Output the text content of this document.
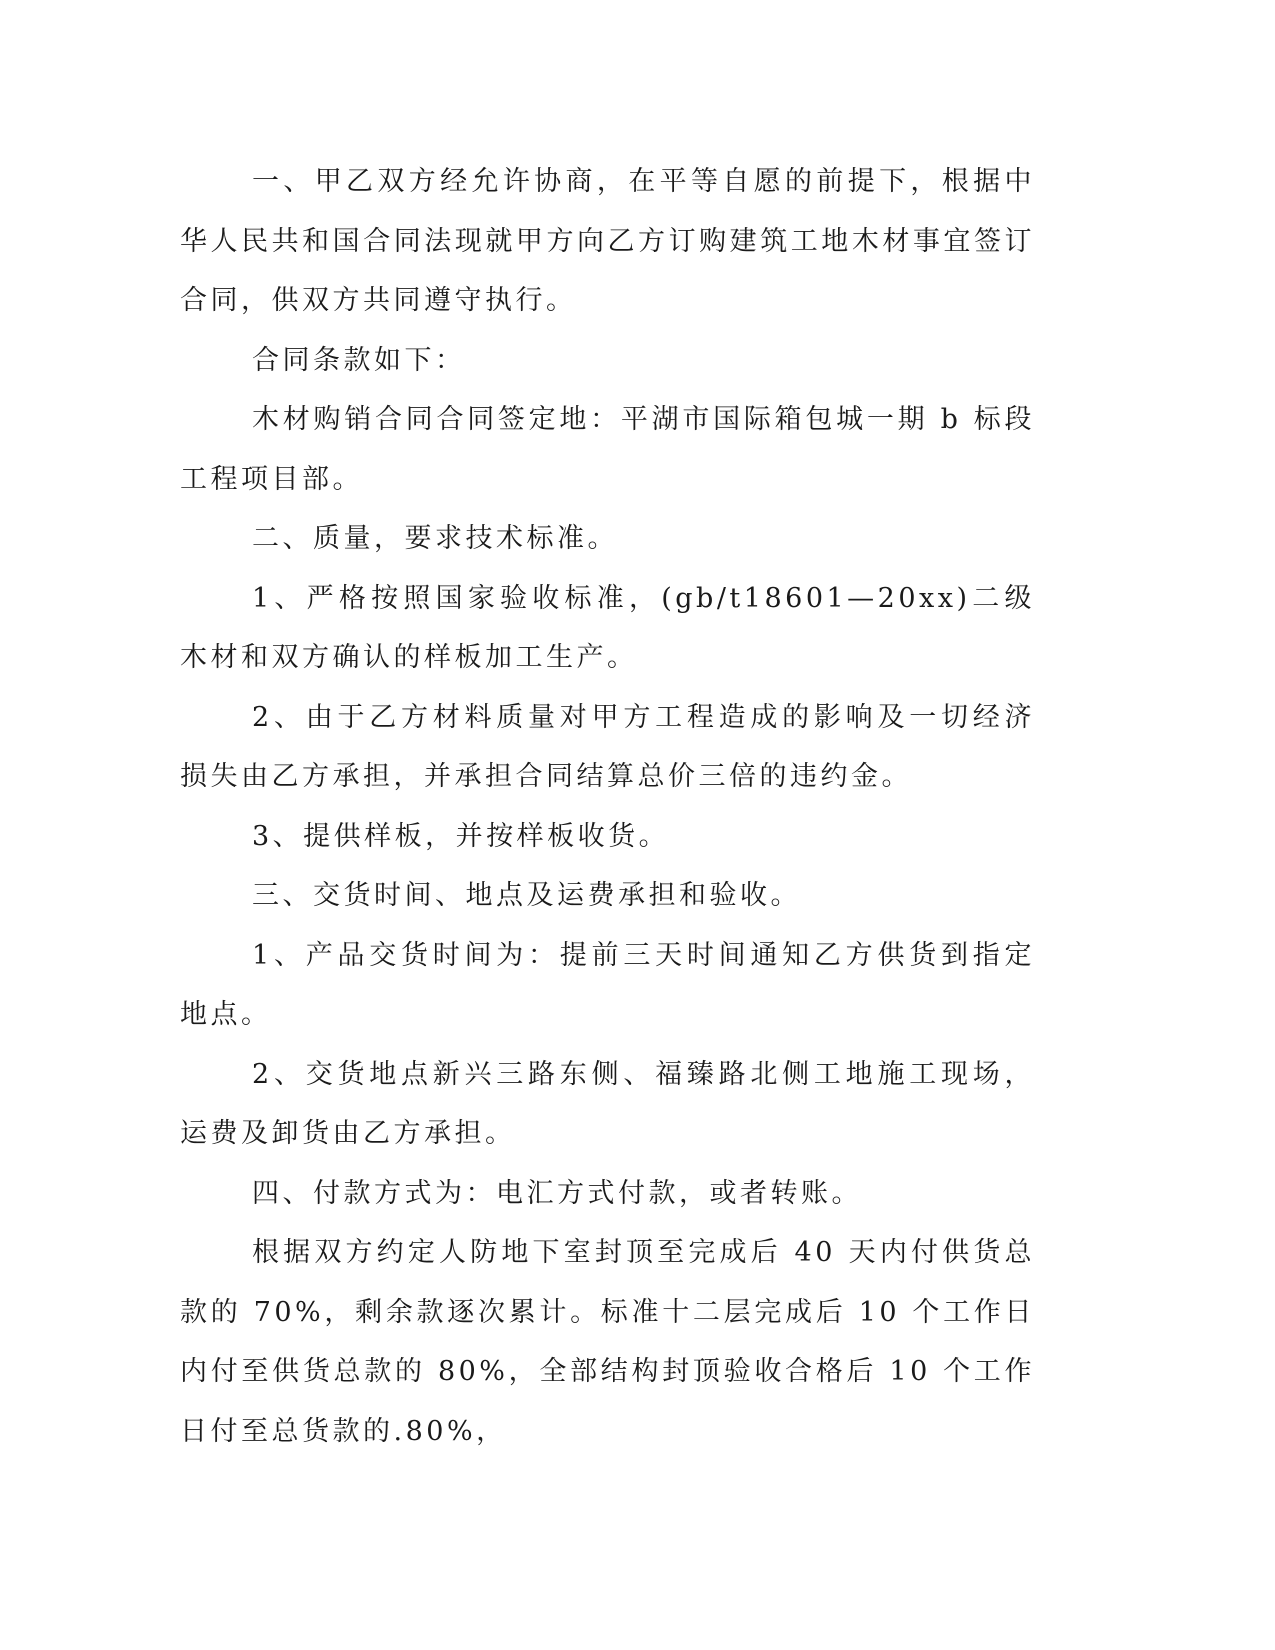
一、甲乙双方经允许协商，在平等自愿的前提下，根据中华人民共和国合同法现就甲方向乙方订购建筑工地木材事宜签订合同，供双方共同遵守执行。

合同条款如下：

木材购销合同合同签定地：平湖市国际箱包城一期 b 标段工程项目部。

二、质量，要求技术标准。

1、严格按照国家验收标准，(gb/t18601—20xx)二级木材和双方确认的样板加工生产。

2、由于乙方材料质量对甲方工程造成的影响及一切经济损失由乙方承担，并承担合同结算总价三倍的违约金。

3、提供样板，并按样板收货。

三、交货时间、地点及运费承担和验收。

1、产品交货时间为：提前三天时间通知乙方供货到指定地点。

2、交货地点新兴三路东侧、福臻路北侧工地施工现场，运费及卸货由乙方承担。

四、付款方式为：电汇方式付款，或者转账。

根据双方约定人防地下室封顶至完成后 40 天内付供货总款的 70%，剩余款逐次累计。标准十二层完成后 10 个工作日内付至供货总款的 80%，全部结构封顶验收合格后 10 个工作日付至总货款的.80%，
